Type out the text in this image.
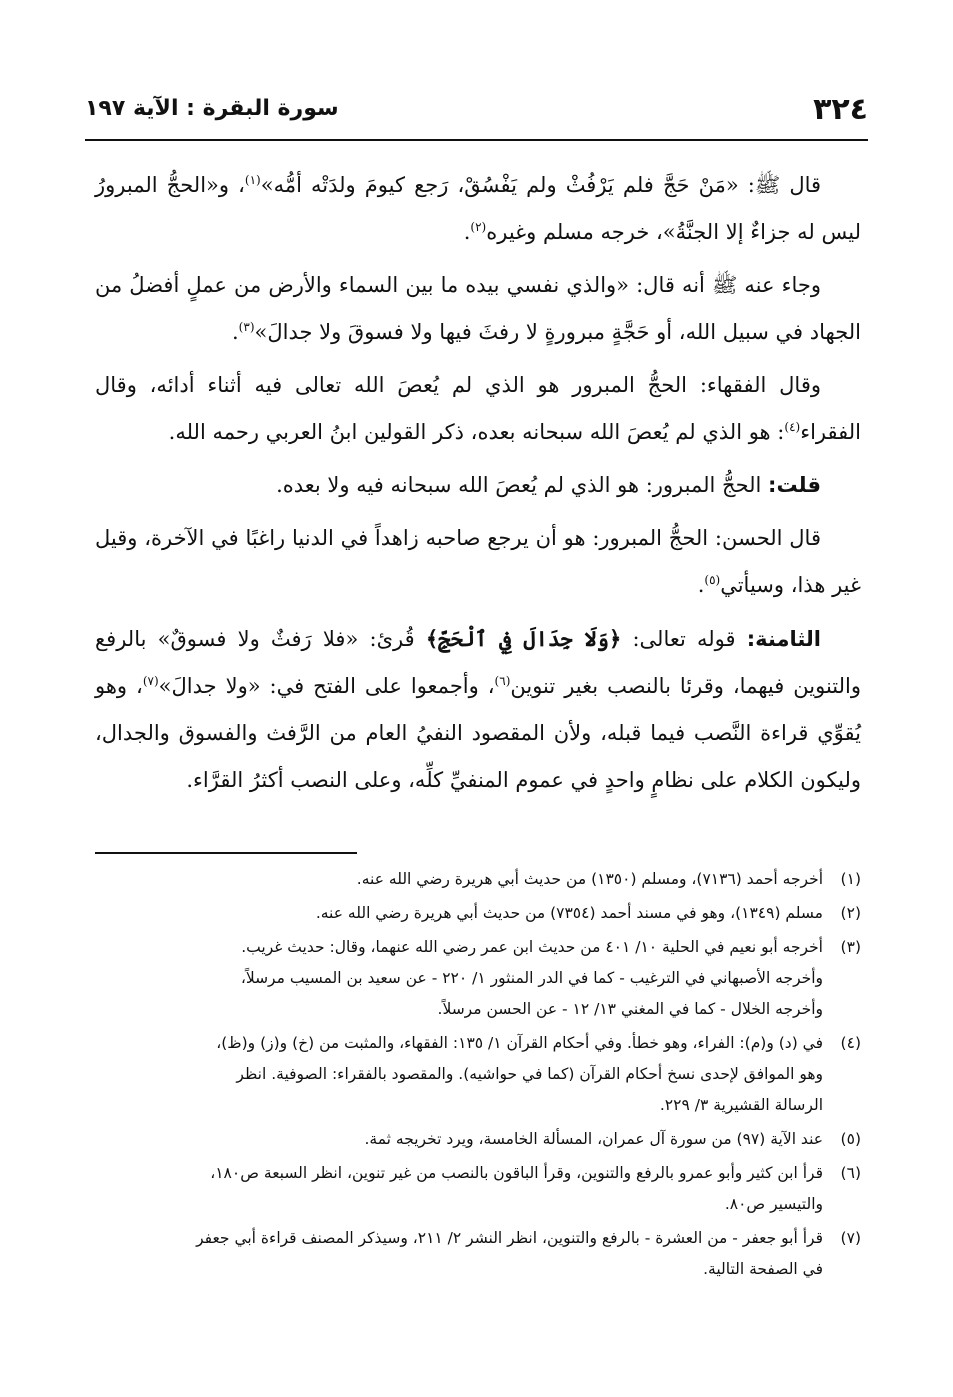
٣٢٤
سورة البقرة : الآية ١٩٧

قال ﷺ: «مَنْ حَجَّ فلم يَرْفُثْ ولم يَفْسُقْ، رَجع كيومَ ولدَتْه أمُّه»$^{(١)}$، و«الحجُّ المبرورُ ليس له جزاءٌ إلا الجنَّةُ»، خرجه مسلم وغيره$^{(٢)}$.

وجاء عنه ﷺ أنه قال: «والذي نفسي بيده ما بين السماء والأرض من عملٍ أفضلُ من الجهاد في سبيل الله، أو حَجَّةٍ مبرورةٍ لا رفثَ فيها ولا فسوقَ ولا جدالَ»$^{(٣)}$.

وقال الفقهاء: الحجُّ المبرور هو الذي لم يُعصَ الله تعالى فيه أثناء أدائه، وقال الفقراء$^{(٤)}$: هو الذي لم يُعصَ الله سبحانه بعده، ذكر القولين ابنُ العربي رحمه الله.

قلت: الحجُّ المبرور: هو الذي لم يُعصَ الله سبحانه فيه ولا بعده.

قال الحسن: الحجُّ المبرور: هو أن يرجع صاحبه زاهداً في الدنيا راغبًا في الآخرة، وقيل غير هذا، وسيأتي$^{(٥)}$.

الثامنة: قوله تعالى: ﴿وَلَا جِدَالَ فِي ٱلْحَجِّ﴾ قُرئ: «فلا رَفثٌ ولا فسوقٌ» بالرفع والتنوين فيهما، وقرئا بالنصب بغير تنوين$^{(٦)}$، وأجمعوا على الفتح في: «ولا جدالَ»$^{(٧)}$، وهو يُقوِّي قراءة النَّصب فيما قبله، ولأن المقصود النفيُ العام من الرَّفث والفسوق والجدال، وليكون الكلام على نظامٍ واحدٍ في عموم المنفيِّ كلِّه، وعلى النصب أكثرُ القرَّاء.

(١)
أخرجه أحمد (٧١٣٦)، ومسلم (١٣٥٠) من حديث أبي هريرة رضي الله عنه.
(٢)
مسلم (١٣٤٩)، وهو في مسند أحمد (٧٣٥٤) من حديث أبي هريرة رضي الله عنه.
(٣)
أخرجه أبو نعيم في الحلية ١٠/ ٤٠١ من حديث ابن عمر رضي الله عنهما، وقال: حديث غريب.
وأخرجه الأصبهاني في الترغيب - كما في الدر المنثور ١/ ٢٢٠ - عن سعيد بن المسيب مرسلاً،
وأخرجه الخلال - كما في المغني ١٣/ ١٢ - عن الحسن مرسلاً.
(٤)
في (د) و(م): الفراء، وهو خطأ. وفي أحكام القرآن ١/ ١٣٥: الفقهاء، والمثبت من (خ) و(ز) و(ظ)،
وهو الموافق لإحدى نسخ أحكام القرآن (كما في حواشيه). والمقصود بالفقراء: الصوفية. انظر
الرسالة القشيرية ٣/ ٢٢٩.
(٥)
عند الآية (٩٧) من سورة آل عمران، المسألة الخامسة، ويرد تخريجه ثمة.
(٦)
قرأ ابن كثير وأبو عمرو بالرفع والتنوين، وقرأ الباقون بالنصب من غير تنوين، انظر السبعة ص١٨٠،
والتيسير ص٨٠.
(٧)
قرأ أبو جعفر - من العشرة - بالرفع والتنوين، انظر النشر ٢/ ٢١١، وسيذكر المصنف قراءة أبي جعفر
في الصفحة التالية.
